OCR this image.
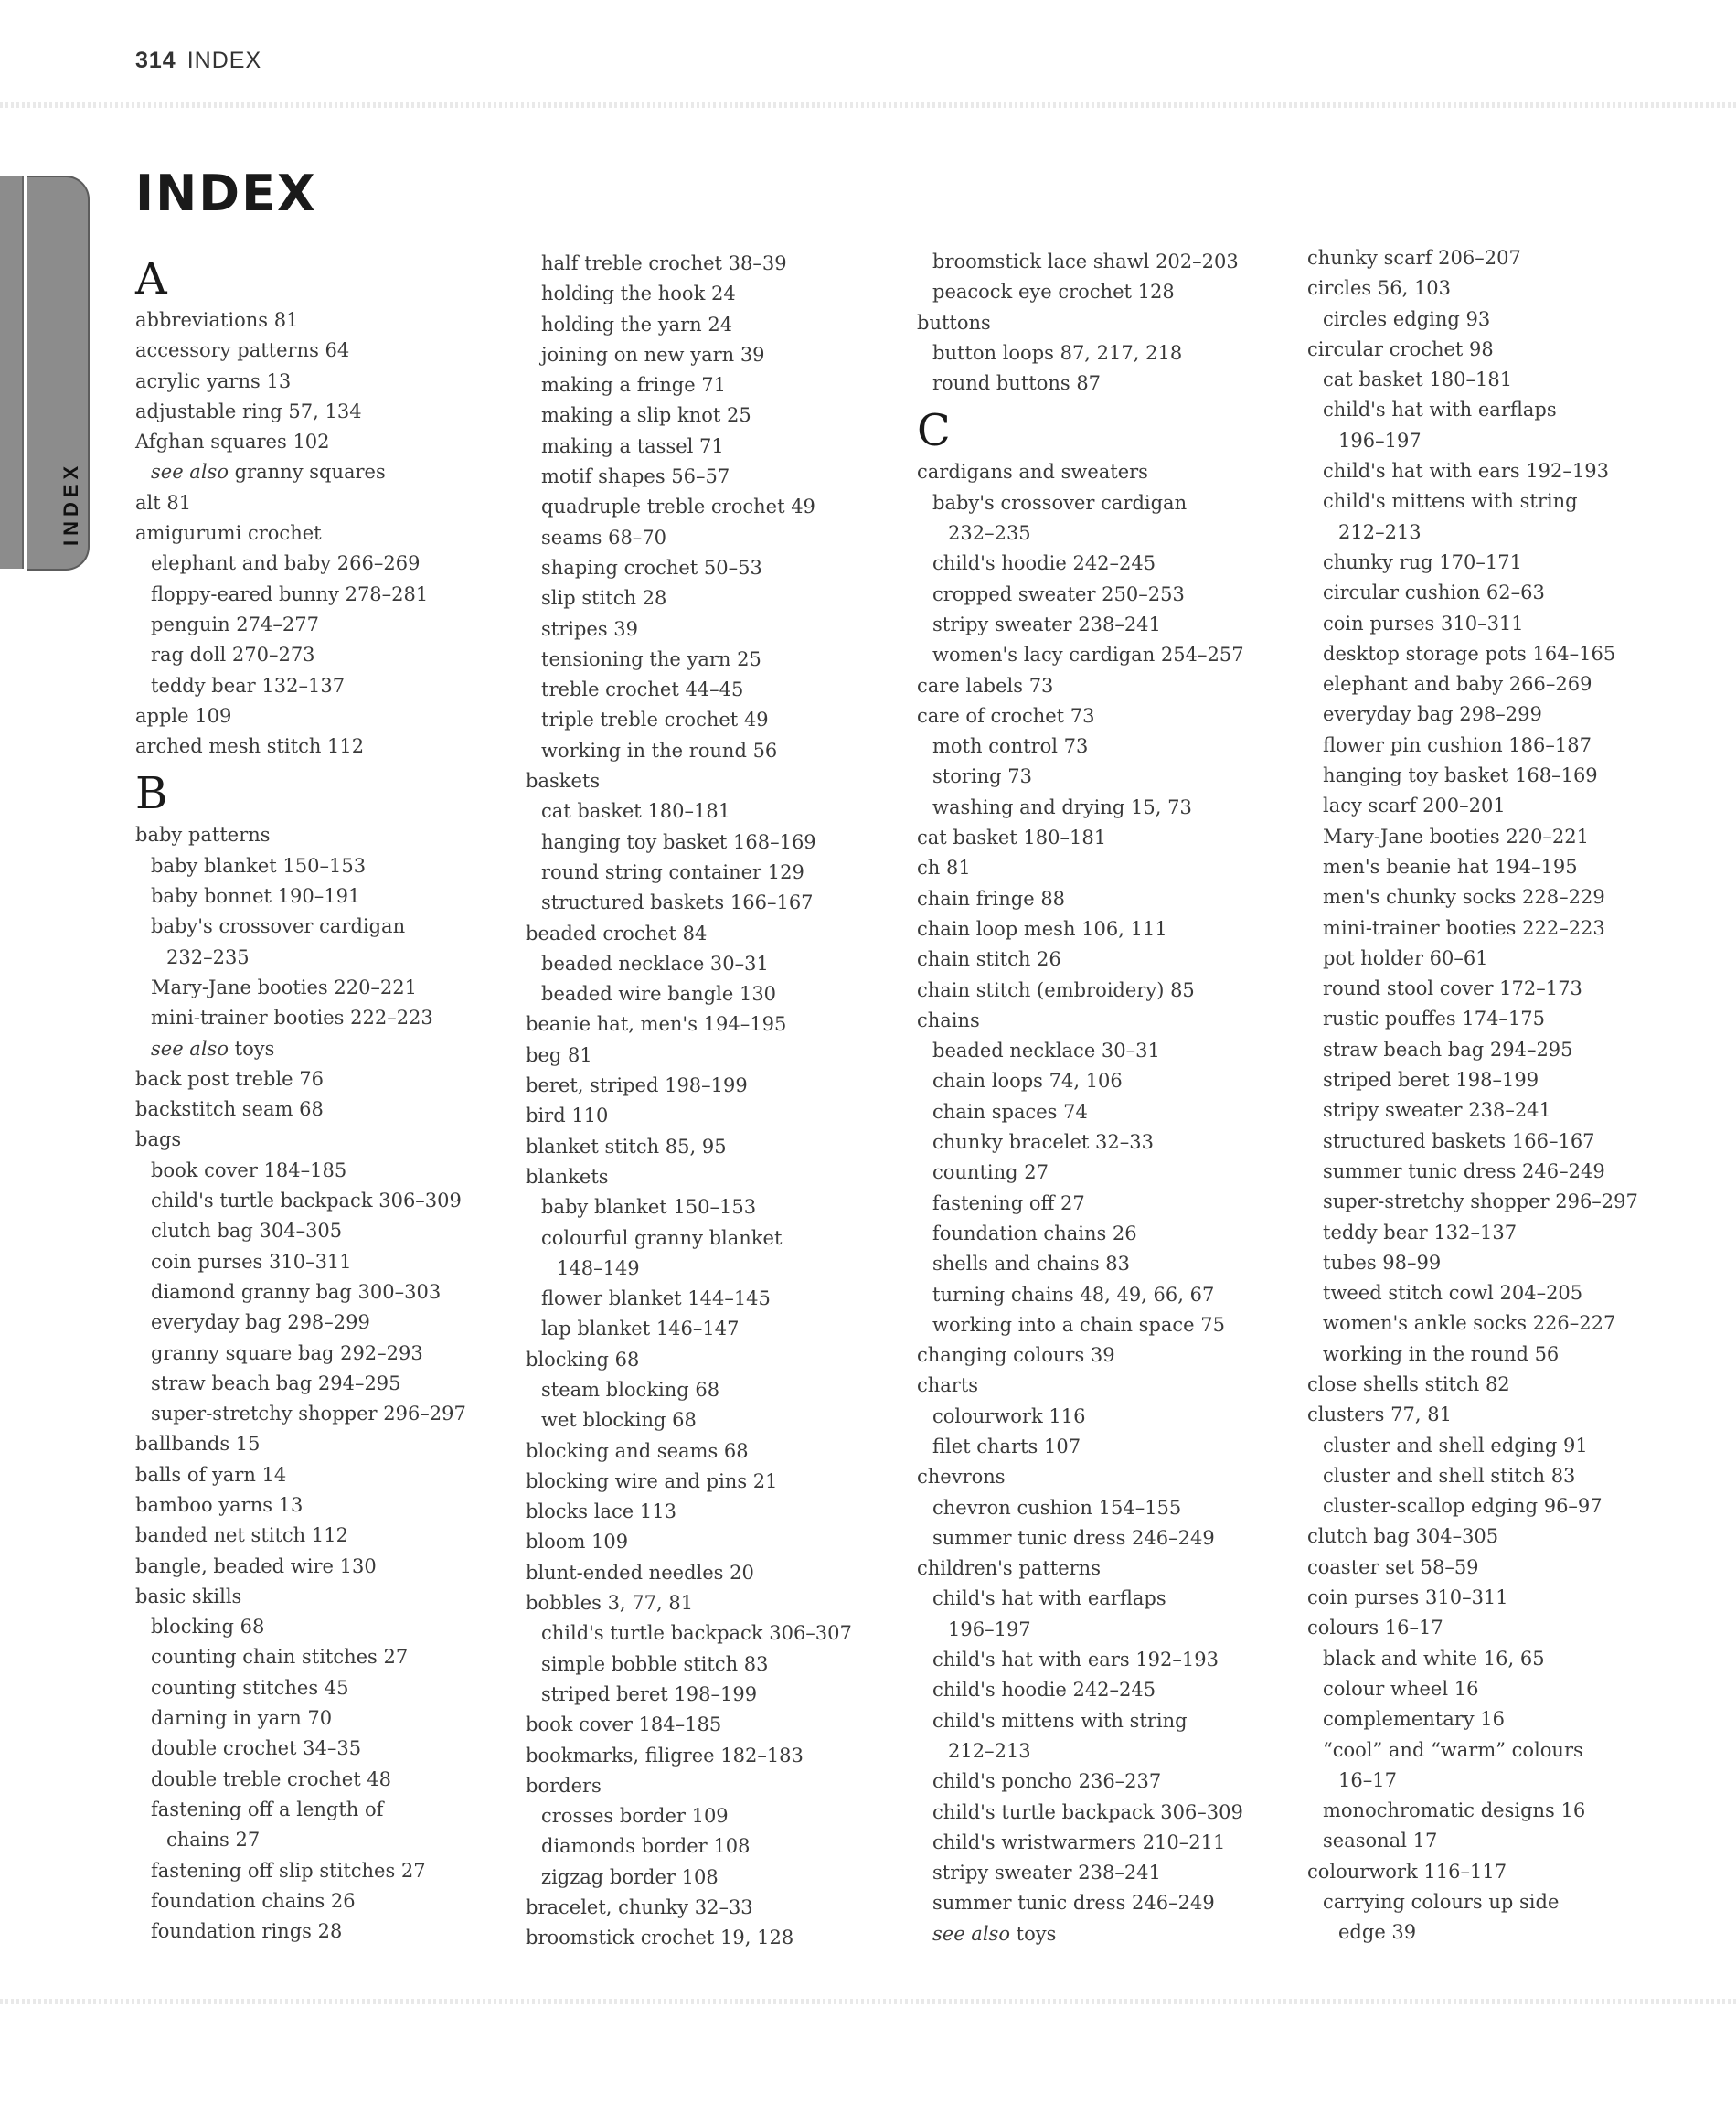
314 INDEX
INDEX
INDEX
A
abbreviations 81
accessory patterns 64
acrylic yarns 13
adjustable ring 57, 134
Afghan squares 102
see also granny squares
alt 81
amigurumi crochet
elephant and baby 266–269
floppy-eared bunny 278–281
penguin 274–277
rag doll 270–273
teddy bear 132–137
apple 109
arched mesh stitch 112
B
baby patterns
baby blanket 150–153
baby bonnet 190–191
baby's crossover cardigan
232–235
Mary-Jane booties 220–221
mini-trainer booties 222–223
see also toys
back post treble 76
backstitch seam 68
bags
book cover 184–185
child's turtle backpack 306–309
clutch bag 304–305
coin purses 310–311
diamond granny bag 300–303
everyday bag 298–299
granny square bag 292–293
straw beach bag 294–295
super-stretchy shopper 296–297
ballbands 15
balls of yarn 14
bamboo yarns 13
banded net stitch 112
bangle, beaded wire 130
basic skills
blocking 68
counting chain stitches 27
counting stitches 45
darning in yarn 70
double crochet 34–35
double treble crochet 48
fastening off a length of
chains 27
fastening off slip stitches 27
foundation chains 26
foundation rings 28
half treble crochet 38–39
holding the hook 24
holding the yarn 24
joining on new yarn 39
making a fringe 71
making a slip knot 25
making a tassel 71
motif shapes 56–57
quadruple treble crochet 49
seams 68–70
shaping crochet 50–53
slip stitch 28
stripes 39
tensioning the yarn 25
treble crochet 44–45
triple treble crochet 49
working in the round 56
baskets
cat basket 180–181
hanging toy basket 168–169
round string container 129
structured baskets 166–167
beaded crochet 84
beaded necklace 30–31
beaded wire bangle 130
beanie hat, men's 194–195
beg 81
beret, striped 198–199
bird 110
blanket stitch 85, 95
blankets
baby blanket 150–153
colourful granny blanket
148–149
flower blanket 144–145
lap blanket 146–147
blocking 68
steam blocking 68
wet blocking 68
blocking and seams 68
blocking wire and pins 21
blocks lace 113
bloom 109
blunt-ended needles 20
bobbles 3, 77, 81
child's turtle backpack 306–307
simple bobble stitch 83
striped beret 198–199
book cover 184–185
bookmarks, filigree 182–183
borders
crosses border 109
diamonds border 108
zigzag border 108
bracelet, chunky 32–33
broomstick crochet 19, 128
broomstick lace shawl 202–203
peacock eye crochet 128
buttons
button loops 87, 217, 218
round buttons 87
C
cardigans and sweaters
baby's crossover cardigan
232–235
child's hoodie 242–245
cropped sweater 250–253
stripy sweater 238–241
women's lacy cardigan 254–257
care labels 73
care of crochet 73
moth control 73
storing 73
washing and drying 15, 73
cat basket 180–181
ch 81
chain fringe 88
chain loop mesh 106, 111
chain stitch 26
chain stitch (embroidery) 85
chains
beaded necklace 30–31
chain loops 74, 106
chain spaces 74
chunky bracelet 32–33
counting 27
fastening off 27
foundation chains 26
shells and chains 83
turning chains 48, 49, 66, 67
working into a chain space 75
changing colours 39
charts
colourwork 116
filet charts 107
chevrons
chevron cushion 154–155
summer tunic dress 246–249
children's patterns
child's hat with earflaps
196–197
child's hat with ears 192–193
child's hoodie 242–245
child's mittens with string
212–213
child's poncho 236–237
child's turtle backpack 306–309
child's wristwarmers 210–211
stripy sweater 238–241
summer tunic dress 246–249
see also toys
chunky scarf 206–207
circles 56, 103
circles edging 93
circular crochet 98
cat basket 180–181
child's hat with earflaps
196–197
child's hat with ears 192–193
child's mittens with string
212–213
chunky rug 170–171
circular cushion 62–63
coin purses 310–311
desktop storage pots 164–165
elephant and baby 266–269
everyday bag 298–299
flower pin cushion 186–187
hanging toy basket 168–169
lacy scarf 200–201
Mary-Jane booties 220–221
men's beanie hat 194–195
men's chunky socks 228–229
mini-trainer booties 222–223
pot holder 60–61
round stool cover 172–173
rustic pouffes 174–175
straw beach bag 294–295
striped beret 198–199
stripy sweater 238–241
structured baskets 166–167
summer tunic dress 246–249
super-stretchy shopper 296–297
teddy bear 132–137
tubes 98–99
tweed stitch cowl 204–205
women's ankle socks 226–227
working in the round 56
close shells stitch 82
clusters 77, 81
cluster and shell edging 91
cluster and shell stitch 83
cluster-scallop edging 96–97
clutch bag 304–305
coaster set 58–59
coin purses 310–311
colours 16–17
black and white 16, 65
colour wheel 16
complementary 16
“cool” and “warm” colours
16–17
monochromatic designs 16
seasonal 17
colourwork 116–117
carrying colours up side
edge 39
